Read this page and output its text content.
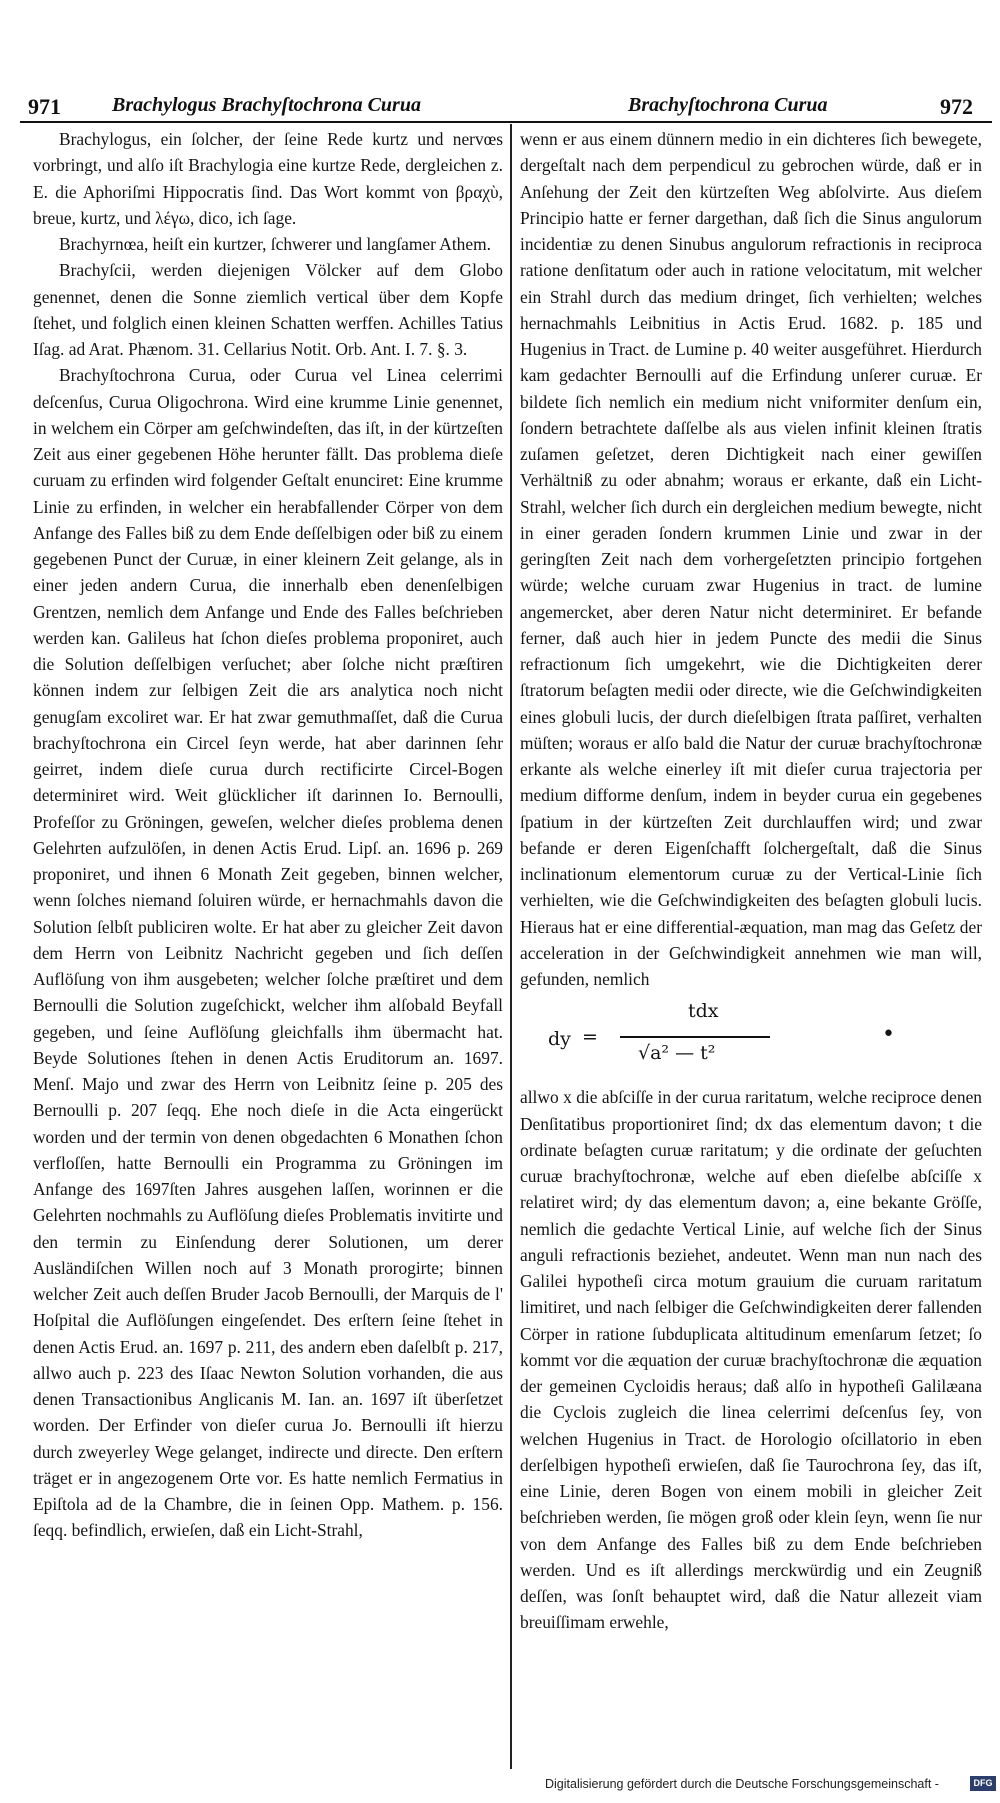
971	Brachylogus Brachyſtochrona Curua	Brachyſtochrona Curua	972

Brachylogus, ein ſolcher, der ſeine Rede kurtz und nervœs vorbringt, und alſo iſt Brachylogia eine kurtze Rede, dergleichen z. E. die Aphoriſmi Hippocratis ſind. Das Wort kommt von βραχὺ, breue, kurtz, und λέγω, dico, ich ſage.

Brachyrnœa, heiſt ein kurtzer, ſchwerer und langſamer Athem.

Brachyſcii, werden diejenigen Völcker auf dem Globo genennet, denen die Sonne ziemlich vertical über dem Kopfe ſtehet, und folglich einen kleinen Schatten werffen. Achilles Tatius Iſag. ad Arat. Phænom. 31. Cellarius Notit. Orb. Ant. I. 7. §. 3.

Brachyſtochrona Curua, oder Curua vel Linea celerrimi deſcenſus, Curua Oligochrona. Wird eine krumme Linie genennet, in welchem ein Cörper am geſchwindeſten, das iſt, in der kürtzeſten Zeit aus einer gegebenen Höhe herunter fällt. Das problema dieſe curuam zu erfinden wird folgender Geſtalt enunciret: Eine krumme Linie zu erfinden, in welcher ein herabfallender Cörper von dem Anfange des Falles biß zu dem Ende deſſelbigen oder biß zu einem gegebenen Punct der Curuæ, in einer kleinern Zeit gelange, als in einer jeden andern Curua, die innerhalb eben denenſelbigen Grentzen, nemlich dem Anfange und Ende des Falles beſchrieben werden kan. Galileus hat ſchon dieſes problema proponiret, auch die Solution deſſelbigen verſuchet; aber ſolche nicht præſtiren können indem zur ſelbigen Zeit die ars analytica noch nicht genugſam excoliret war. Er hat zwar gemuthmaſſet, daß die Curua brachyſtochrona ein Circel ſeyn werde, hat aber darinnen ſehr geirret, indem dieſe curua durch rectificirte Circel-Bogen determiniret wird. Weit glücklicher iſt darinnen Io. Bernoulli, Profeſſor zu Gröningen, geweſen, welcher dieſes problema denen Gelehrten aufzulöſen, in denen Actis Erud. Lipſ. an. 1696 p. 269 proponiret, und ihnen 6 Monath Zeit gegeben, binnen welcher, wenn ſolches niemand ſoluiren würde, er hernachmahls davon die Solution ſelbſt publiciren wolte. Er hat aber zu gleicher Zeit davon dem Herrn von Leibnitz Nachricht gegeben und ſich deſſen Auflöſung von ihm ausgebeten; welcher ſolche præſtiret und dem Bernoulli die Solution zugeſchickt, welcher ihm alſobald Beyfall gegeben, und ſeine Auflöſung gleichfalls ihm übermacht hat. Beyde Solutiones ſtehen in denen Actis Eruditorum an. 1697. Menſ. Majo und zwar des Herrn von Leibnitz ſeine p. 205 des Bernoulli p. 207 ſeqq. Ehe noch dieſe in die Acta eingerückt worden und der termin von denen obgedachten 6 Monathen ſchon verfloſſen, hatte Bernoulli ein Programma zu Gröningen im Anfange des 1697ſten Jahres ausgehen laſſen, worinnen er die Gelehrten nochmahls zu Auflöſung dieſes Problematis invitirte und den termin zu Einſendung derer Solutionen, um derer Ausländiſchen Willen noch auf 3 Monath prorogirte; binnen welcher Zeit auch deſſen Bruder Jacob Bernoulli, der Marquis de l' Hoſpital die Auflöſungen eingeſendet. Des erſtern ſeine ſtehet in denen Actis Erud. an. 1697 p. 211, des andern eben daſelbſt p. 217, allwo auch p. 223 des Iſaac Newton Solution vorhanden, die aus denen Transactionibus Anglicanis M. Ian. an. 1697 iſt überſetzet worden. Der Erfinder von dieſer curua Jo. Bernoulli iſt hierzu durch zweyerley Wege gelanget, indirecte und directe. Den erſtern träget er in angezogenem Orte vor. Es hatte nemlich Fermatius in Epiſtola ad de la Chambre, die in ſeinen Opp. Mathem. p. 156. ſeqq. befindlich, erwieſen, daß ein Licht-Strahl,

wenn er aus einem dünnern medio in ein dichteres ſich bewegete, dergeſtalt nach dem perpendicul zu gebrochen würde, daß er in Anſehung der Zeit den kürtzeſten Weg abſolvirte. Aus dieſem Principio hatte er ferner dargethan, daß ſich die Sinus angulorum incidentiæ zu denen Sinubus angulorum refractionis in reciproca ratione denſitatum oder auch in ratione velocitatum, mit welcher ein Strahl durch das medium dringet, ſich verhielten; welches hernachmahls Leibnitius in Actis Erud. 1682. p. 185 und Hugenius in Tract. de Lumine p. 40 weiter ausgeführet. Hierdurch kam gedachter Bernoulli auf die Erfindung unſerer curuæ. Er bildete ſich nemlich ein medium nicht vniformiter denſum ein, ſondern betrachtete daſſelbe als aus vielen infinit kleinen ſtratis zuſamen geſetzet, deren Dichtigkeit nach einer gewiſſen Verhältniß zu oder abnahm; woraus er erkante, daß ein Licht-Strahl, welcher ſich durch ein dergleichen medium bewegte, nicht in einer geraden ſondern krummen Linie und zwar in der geringſten Zeit nach dem vorhergeſetzten principio fortgehen würde; welche curuam zwar Hugenius in tract. de lumine angemercket, aber deren Natur nicht determiniret. Er befande ferner, daß auch hier in jedem Puncte des medii die Sinus refractionum ſich umgekehrt, wie die Dichtigkeiten derer ſtratorum beſagten medii oder directe, wie die Geſchwindigkeiten eines globuli lucis, der durch dieſelbigen ſtrata paſſiret, verhalten müſten; woraus er alſo bald die Natur der curuæ brachyſtochronæ erkante als welche einerley iſt mit dieſer curua trajectoria per medium difforme denſum, indem in beyder curua ein gegebenes ſpatium in der kürtzeſten Zeit durchlauffen wird; und zwar befande er deren Eigenſchafft ſolchergeſtalt, daß die Sinus inclinationum elementorum curuæ zu der Vertical-Linie ſich verhielten, wie die Geſchwindigkeiten des beſagten globuli lucis. Hieraus hat er eine differential-æquation, man mag das Geſetz der acceleration in der Geſchwindigkeit annehmen wie man will, gefunden, nemlich

dy =
tdx
√a² — t²
•

allwo x die abſciſſe in der curua raritatum, welche reciproce denen Denſitatibus proportioniret ſind; dx das elementum davon; t die ordinate beſagten curuæ raritatum; y die ordinate der geſuchten curuæ brachyſtochronæ, welche auf eben dieſelbe abſciſſe x relatiret wird; dy das elementum davon; a, eine bekante Gröſſe, nemlich die gedachte Vertical Linie, auf welche ſich der Sinus anguli refractionis beziehet, andeutet. Wenn man nun nach des Galilei hypotheſi circa motum grauium die curuam raritatum limitiret, und nach ſelbiger die Geſchwindigkeiten derer fallenden Cörper in ratione ſubduplicata altitudinum emenſarum ſetzet; ſo kommt vor die æquation der curuæ brachyſtochronæ die æquation der gemeinen Cycloidis heraus; daß alſo in hypotheſi Galilæana die Cyclois zugleich die linea celerrimi deſcenſus ſey, von welchen Hugenius in Tract. de Horologio oſcillatorio in eben derſelbigen hypotheſi erwieſen, daß ſie Taurochrona ſey, das iſt, eine Linie, deren Bogen von einem mobili in gleicher Zeit beſchrieben werden, ſie mögen groß oder klein ſeyn, wenn ſie nur von dem Anfange des Falles biß zu dem Ende beſchrieben werden. Und es iſt allerdings merckwürdig und ein Zeugniß deſſen, was ſonſt behauptet wird, daß die Natur allezeit viam breuiſſimam erwehle,

Digitalisierung gefördert durch die Deutsche Forschungsgemeinschaft -	DFG
